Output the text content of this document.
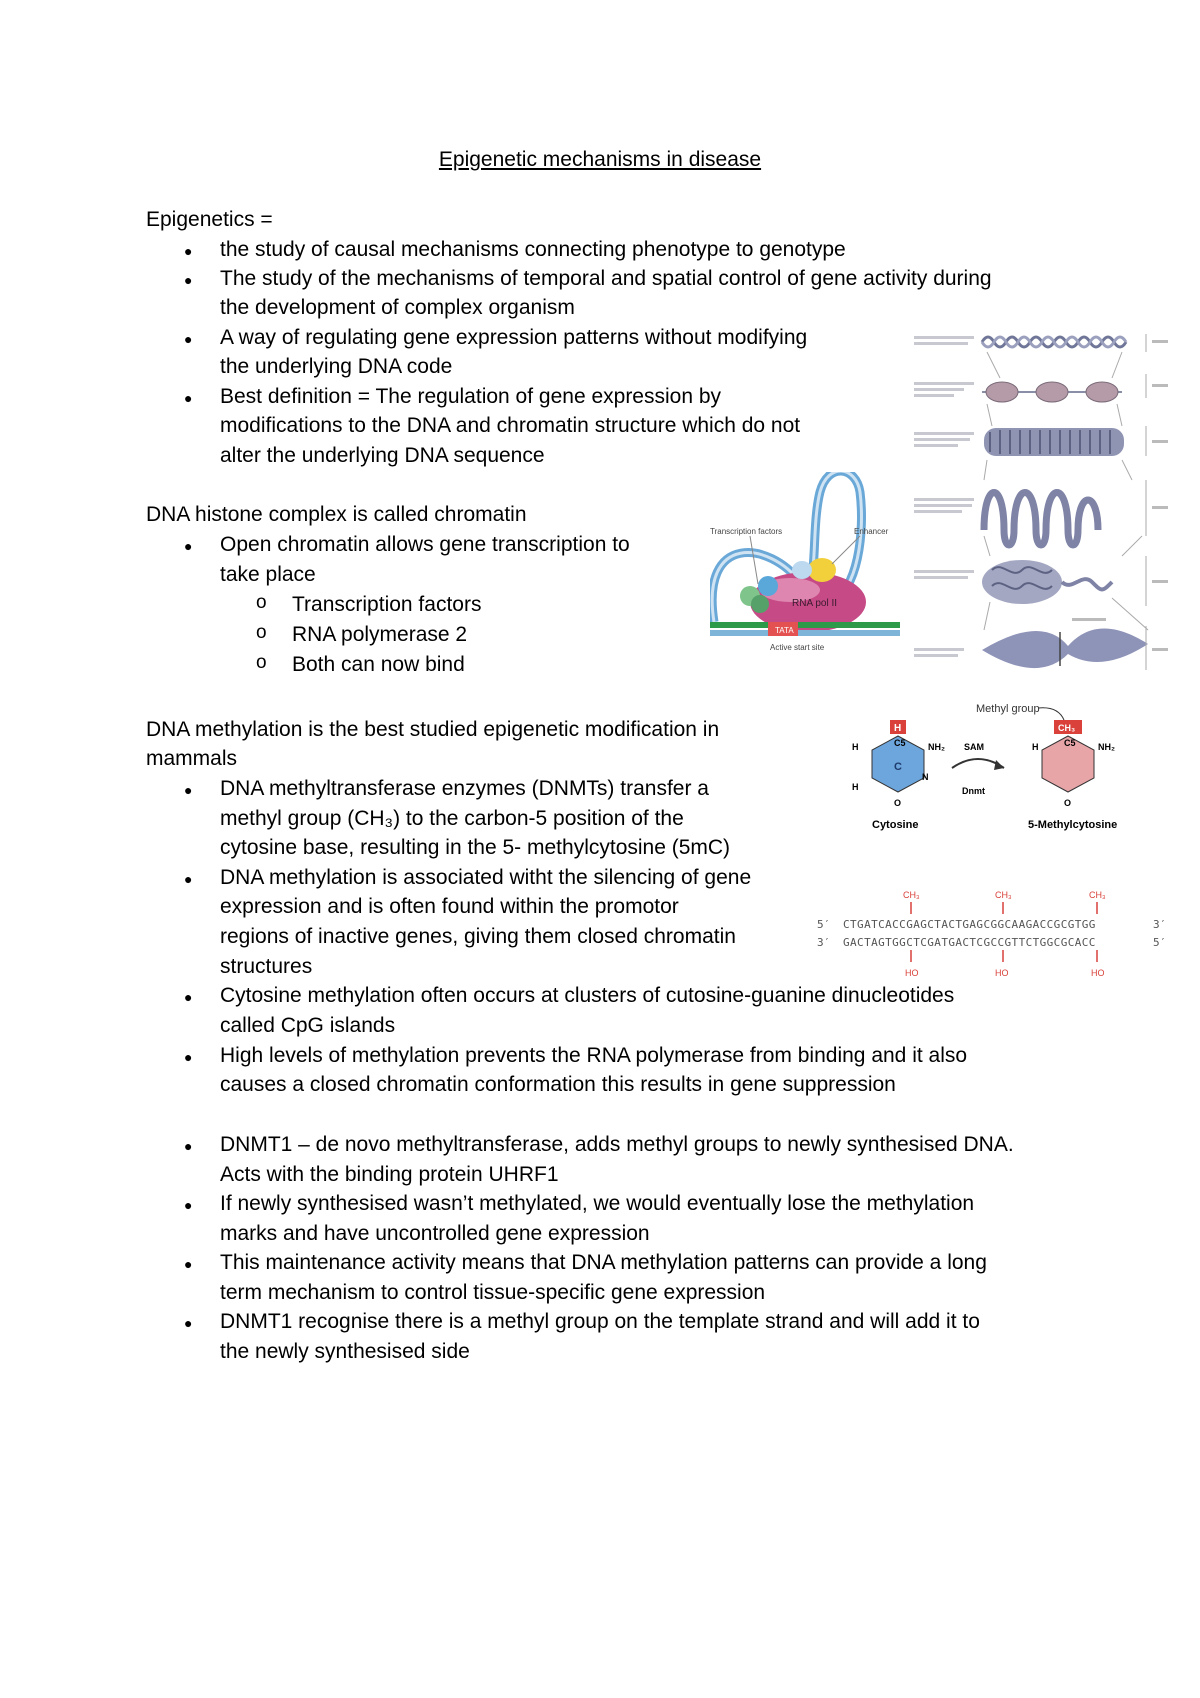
Epigenetic mechanisms in disease
Epigenetics =
● the study of causal mechanisms connecting phenotype to genotype
● The study of the mechanisms of temporal and spatial control of gene activity during
the development of complex organism
● A way of regulating gene expression patterns without modifying
the underlying DNA code
● Best definition = The regulation of gene expression by
modifications to the DNA and chromatin structure which do not
alter the underlying DNA sequence
DNA histone complex is called chromatin
● Open chromatin allows gene transcription to
take place
o Transcription factors
o RNA polymerase 2
o Both can now bind
DNA methylation is the best studied epigenetic modification in
mammals
● DNA methyltransferase enzymes (DNMTs) transfer a
methyl group (CH₃) to the carbon-5 position of the
cytosine base, resulting in the 5- methylcytosine (5mC)
● DNA methylation is associated witht the silencing of gene
expression and is often found within the promotor
regions of inactive genes, giving them closed chromatin
structures
● Cytosine methylation often occurs at clusters of cutosine-guanine dinucleotides
called CpG islands
● High levels of methylation prevents the RNA polymerase from binding and it also
causes a closed chromatin conformation this results in gene suppression
● DNMT1 – de novo methyltransferase, adds methyl groups to newly synthesised DNA.
Acts with the binding protein UHRF1
● If newly synthesised wasn’t methylated, we would eventually lose the methylation
marks and have uncontrolled gene expression
● This maintenance activity means that DNA methylation patterns can provide a long
term mechanism to control tissue-specific gene expression
● DNMT1 recognise there is a methyl group on the template strand and will add it to
the newly synthesised side
TATA
RNA pol II
Transcription factors	Enhancer
Active start site
Methyl group
C
H
C5 NH₂
H
H
N
O
Cytosine
SAM
Dnmt
CH₃
C5 NH₂
H
O
5-Methylcytosine
CH₃	CH₃	CH₃
HO	HO	HO
5′ CTGATCACCGAGCTACTGAGCGGCAAGACCGCGTGG	3′
3′ GACTAGTGGCTCGATGACTCGCCGTTCTGGCGCACC	5′
